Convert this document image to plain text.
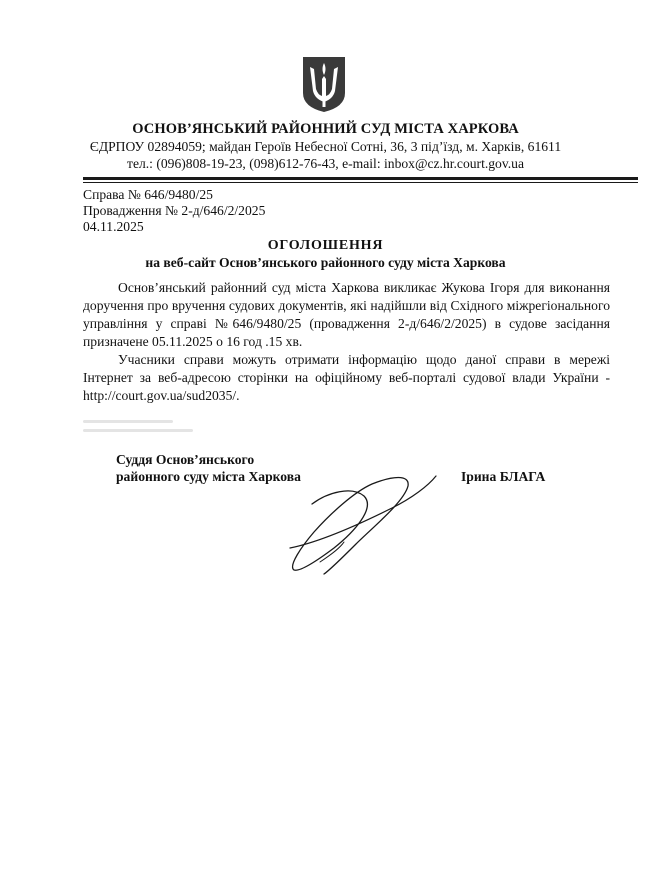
ОСНОВ’ЯНСЬКИЙ РАЙОННИЙ СУД МІСТА ХАРКОВА
ЄДРПОУ 02894059; майдан Героїв Небесної Сотні, 36, 3 під’їзд, м. Харків, 61611
тел.: (096)808-19-23, (098)612-76-43, e-mail: inbox@cz.hr.court.gov.ua
Справа № 646/9480/25
Провадження № 2-д/646/2/2025
04.11.2025
ОГОЛОШЕННЯ
на веб-сайт Основ’янського районного суду міста Харкова
Основ’янський районний суд міста Харкова викликає Жукова Ігоря для виконання доручення про вручення судових документів, які надійшли від Східного міжрегіонального управління у справі №646/9480/25 (провадження 2-д/646/2/2025) в судове засідання призначене 05.11.2025 о 16 год .15 хв.
Учасники справи можуть отримати інформацію щодо даної справи в мережі Інтернет за веб-адресою сторінки на офіційному веб-порталі судової влади України - http://court.gov.ua/sud2035/.
Суддя Основ’янського
районного суду міста Харкова	Ірина БЛАГА
